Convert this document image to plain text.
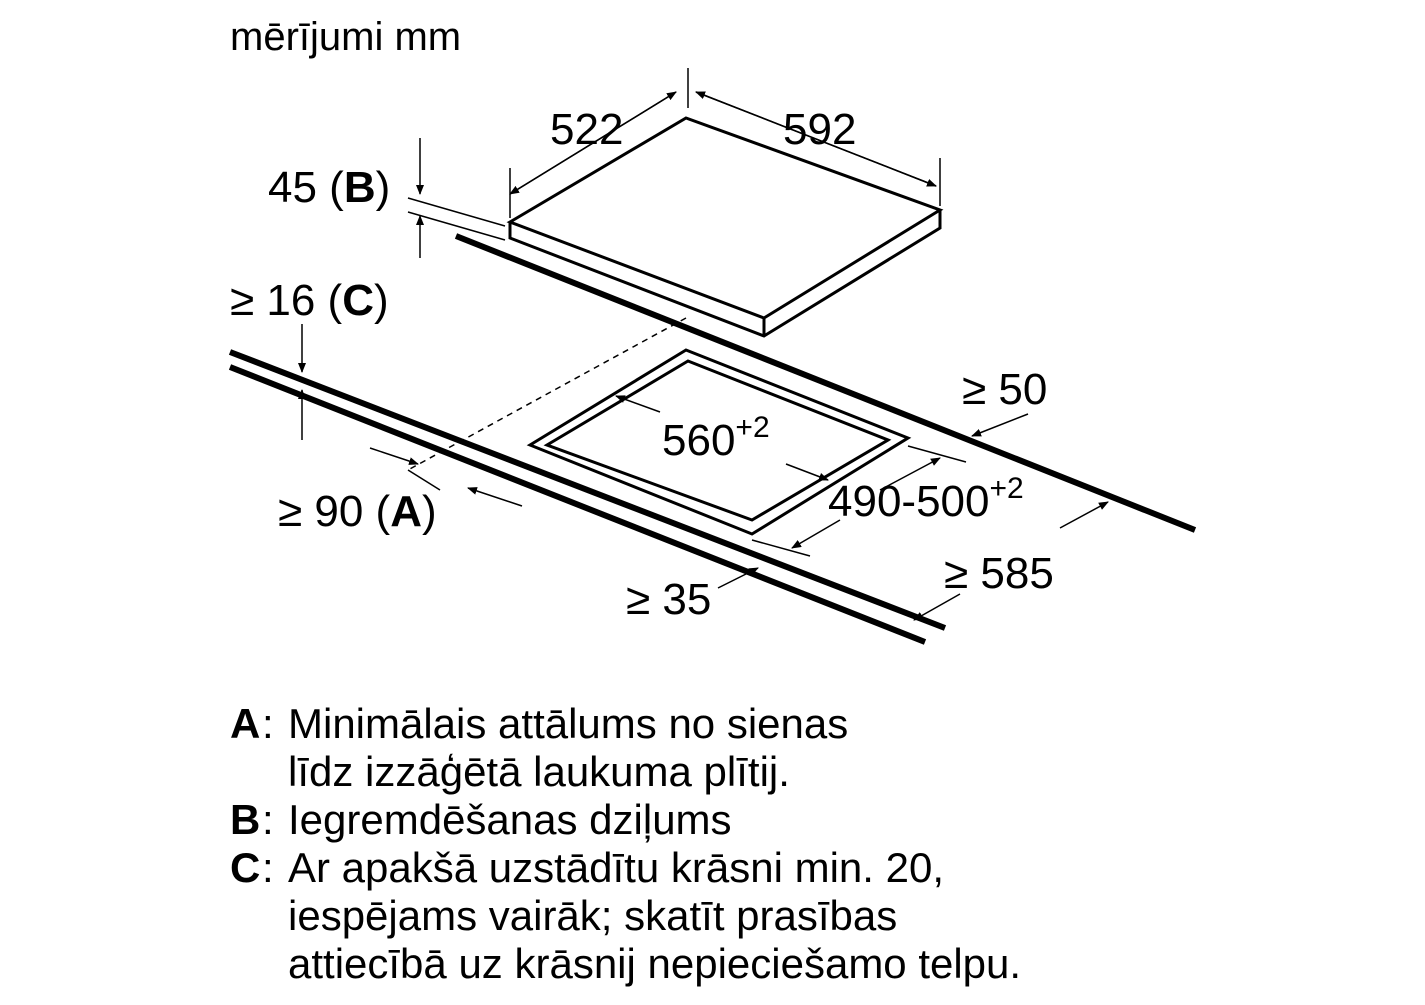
mērījumi mm
522	592
45 (B)
≥ 16 (C)
$560^{+2}$
$490-500^{+2}$
≥ 50
≥ 90 (A)
≥ 35
≥ 585
A : Minimālais attālums no sienas
līdz izzāģētā laukuma plītij.
B : Iegremdēšanas dziļums
C : Ar apakšā uzstādītu krāsni min. 20,
iespējams vairāk; skatīt prasības
attiecībā uz krāsnij nepieciešamo telpu.
